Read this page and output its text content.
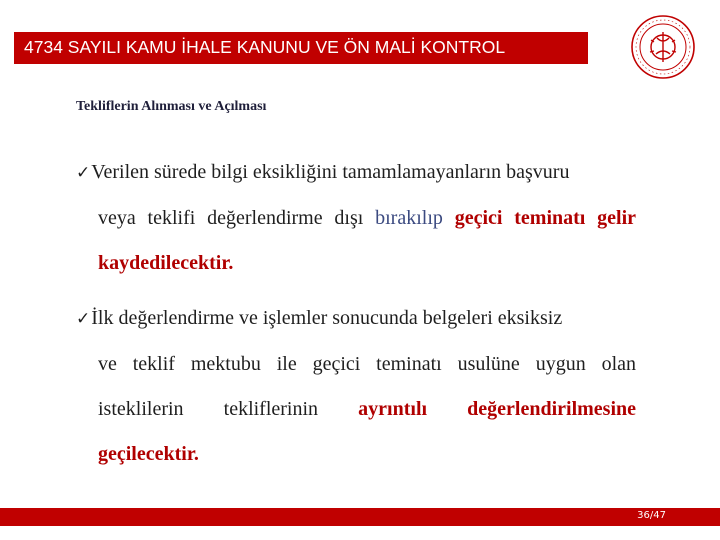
4734 SAYILI KAMU İHALE KANUNU VE ÖN MALİ KONTROL
Tekliflerin Alınması ve Açılması

✓Verilen sürede bilgi eksikliğini tamamlamayanların başvuru
veya teklifi değerlendirme dışı bırakılıp geçici teminatı gelir kaydedilecektir.

✓İlk değerlendirme ve işlemler sonucunda belgeleri eksiksiz
ve teklif mektubu ile geçici teminatı usulüne uygun olan isteklilerin tekliflerinin ayrıntılı değerlendirilmesine geçilecektir.

36/47
